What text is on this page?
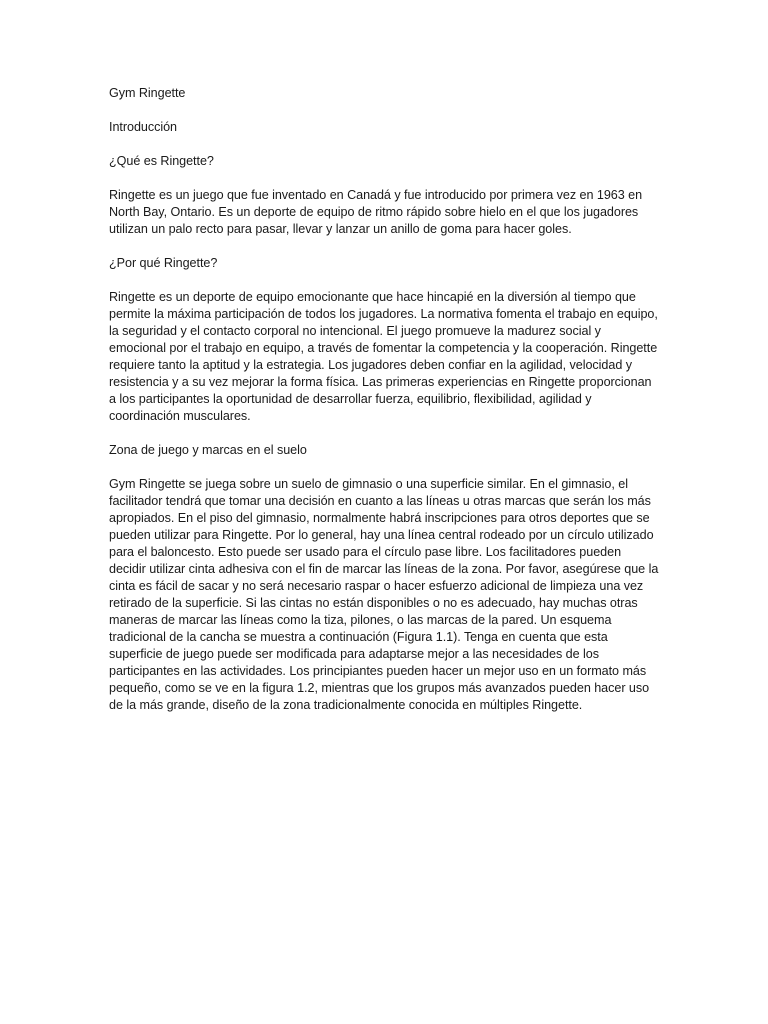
Gym Ringette
Introducción
¿Qué es Ringette?

Ringette es un juego que fue inventado en Canadá y fue introducido por primera vez en 1963 en North Bay, Ontario. Es un deporte de equipo de ritmo rápido sobre hielo en el que los jugadores utilizan un palo recto para pasar, llevar y lanzar un anillo de goma para hacer goles.

¿Por qué Ringette?

Ringette es un deporte de equipo emocionante que hace hincapié en la diversión al tiempo que permite la máxima participación de todos los jugadores. La normativa fomenta el trabajo en equipo, la seguridad y el contacto corporal no intencional. El juego promueve la madurez social y emocional por el trabajo en equipo, a través de fomentar la competencia y la cooperación. Ringette requiere tanto la aptitud y la estrategia. Los jugadores deben confiar en la agilidad, velocidad y resistencia y a su vez mejorar la forma física. Las primeras experiencias en Ringette proporcionan a los participantes la oportunidad de desarrollar fuerza, equilibrio, flexibilidad, agilidad y coordinación musculares.

Zona de juego y marcas en el suelo

Gym Ringette se juega sobre un suelo de gimnasio o una superficie similar. En el gimnasio, el facilitador tendrá que tomar una decisión en cuanto a las líneas u otras marcas que serán los más apropiados. En el piso del gimnasio, normalmente habrá inscripciones para otros deportes que se pueden utilizar para Ringette. Por lo general, hay una línea central rodeado por un círculo utilizado para el baloncesto. Esto puede ser usado para el círculo pase libre. Los facilitadores pueden decidir utilizar cinta adhesiva con el fin de marcar las líneas de la zona. Por favor, asegúrese que la cinta es fácil de sacar y no será necesario raspar o hacer esfuerzo adicional de limpieza una vez retirado de la superficie. Si las cintas no están disponibles o no es adecuado, hay muchas otras maneras de marcar las líneas como la tiza, pilones, o las marcas de la pared. Un esquema tradicional de la cancha se muestra a continuación (Figura 1.1). Tenga en cuenta que esta superficie de juego puede ser modificada para adaptarse mejor a las necesidades de los participantes en las actividades. Los principiantes pueden hacer un mejor uso en un formato más pequeño, como se ve en la figura 1.2, mientras que los grupos más avanzados pueden hacer uso de la más grande, diseño de la zona tradicionalmente conocida en múltiples Ringette.
